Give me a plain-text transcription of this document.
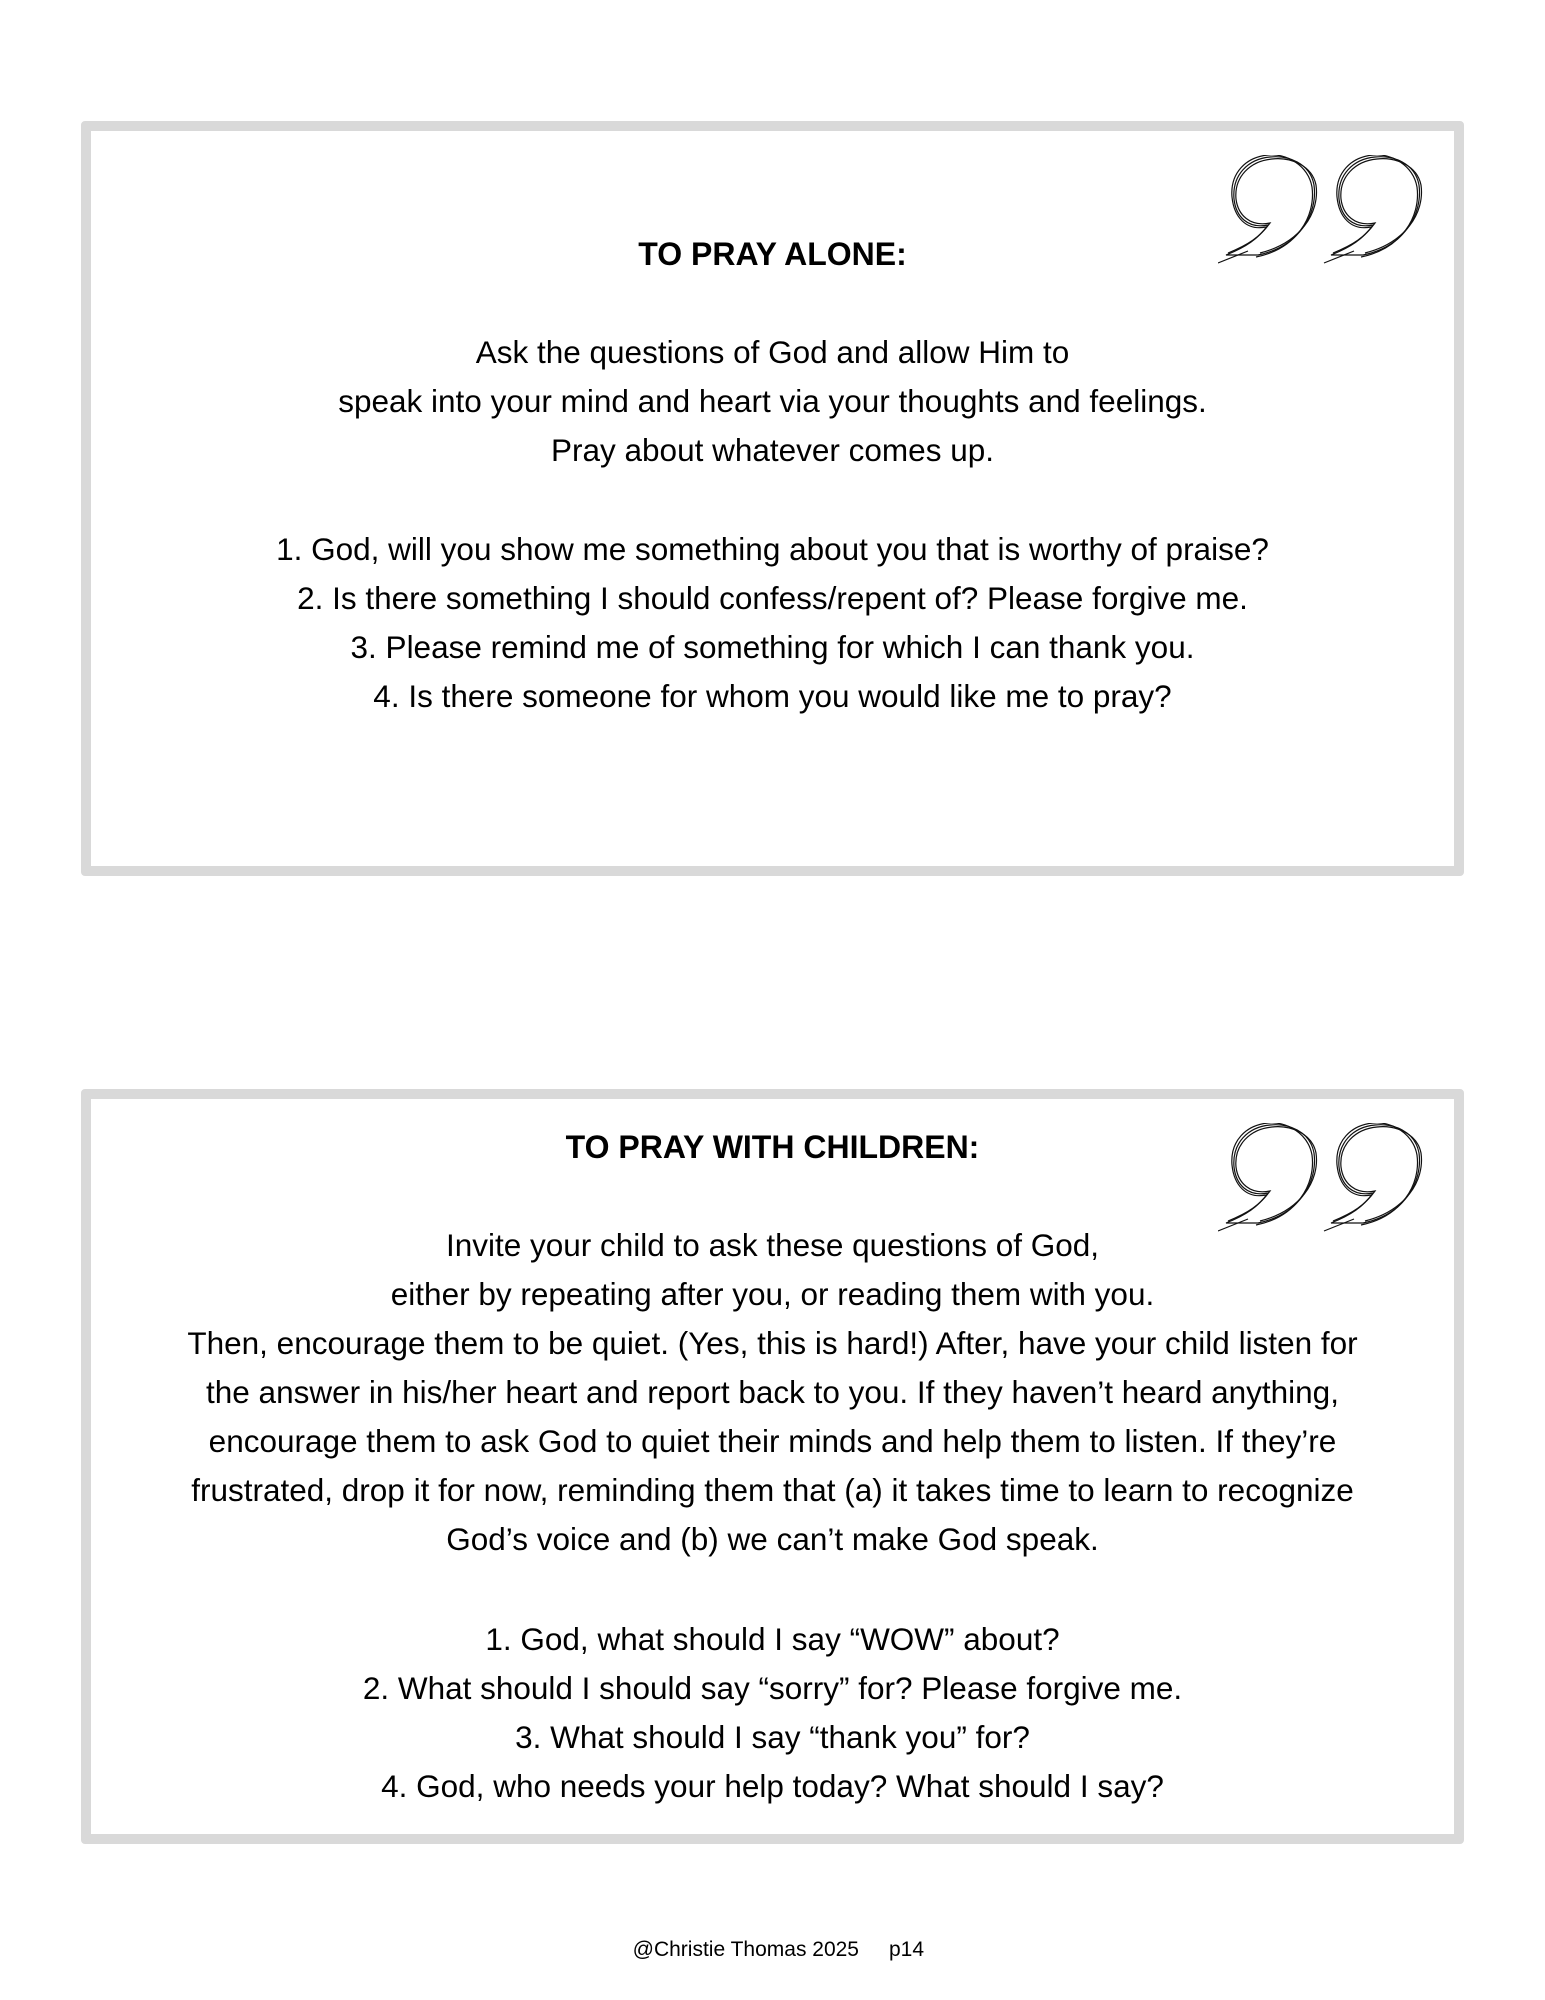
TO PRAY ALONE:
Ask the questions of God and allow Him to
speak into your mind and heart via your thoughts and feelings.
Pray about whatever comes up.
1. God, will you show me something about you that is worthy of praise?
2. Is there something I should confess/repent of? Please forgive me.
3. Please remind me of something for which I can thank you.
4. Is there someone for whom you would like me to pray?
TO PRAY WITH CHILDREN:
Invite your child to ask these questions of God,
either by repeating after you, or reading them with you.
Then, encourage them to be quiet. (Yes, this is hard!) After, have your child listen for
the answer in his/her heart and report back to you. If they haven’t heard anything,
encourage them to ask God to quiet their minds and help them to listen. If they’re
frustrated, drop it for now, reminding them that (a) it takes time to learn to recognize
God’s voice and (b) we can’t make God speak.
1. God, what should I say “WOW” about?
2. What should I should say “sorry” for? Please forgive me.
3. What should I say “thank you” for?
4. God, who needs your help today? What should I say?

@Christie Thomas 2025 p14
